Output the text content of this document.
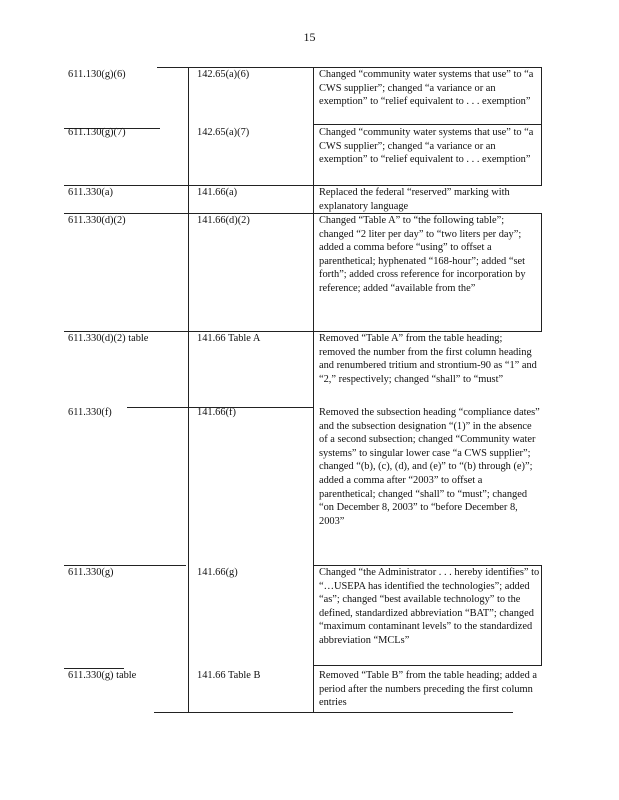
15
611.130(g)(6)	142.65(a)(6)	Changed “community water systems that use” to “a CWS supplier”; changed “a variance or an exemption” to “relief equivalent to . . . exemption”
611.130(g)(7)	142.65(a)(7)	Changed “community water systems that use” to “a CWS supplier”; changed “a variance or an exemption” to “relief equivalent to . . . exemption”
611.330(a)	141.66(a)	Replaced the federal “reserved” marking with explanatory language
611.330(d)(2)	141.66(d)(2)	Changed “Table A” to “the following table”; changed “2 liter per day” to “two liters per day”; added a comma before “using” to offset a parenthetical; hyphenated “168-hour”; added “set forth”; added cross reference for incorporation by reference; added “available from the”
611.330(d)(2) table	141.66 Table A	Removed “Table A” from the table heading; removed the number from the first column heading and renumbered tritium and strontium-90 as “1” and “2,” respectively; changed “shall” to “must”
611.330(f)	141.66(f)	Removed the subsection heading “compliance dates” and the subsection designation “(1)” in the absence of a second subsection; changed “Community water systems” to singular lower case “a CWS supplier”; changed “(b), (c), (d), and (e)” to “(b) through (e)”; added a comma after “2003” to offset a parenthetical; changed “shall” to “must”; changed “on December 8, 2003” to “before December 8, 2003”
611.330(g)	141.66(g)	Changed “the Administrator . . . hereby identifies” to “…USEPA has identified the technologies”; added “as”; changed “best available technology” to the defined, standardized abbreviation “BAT”; changed “maximum contaminant levels” to the standardized abbreviation “MCLs”
611.330(g) table	141.66 Table B	Removed “Table B” from the table heading; added a period after the numbers preceding the first column entries
